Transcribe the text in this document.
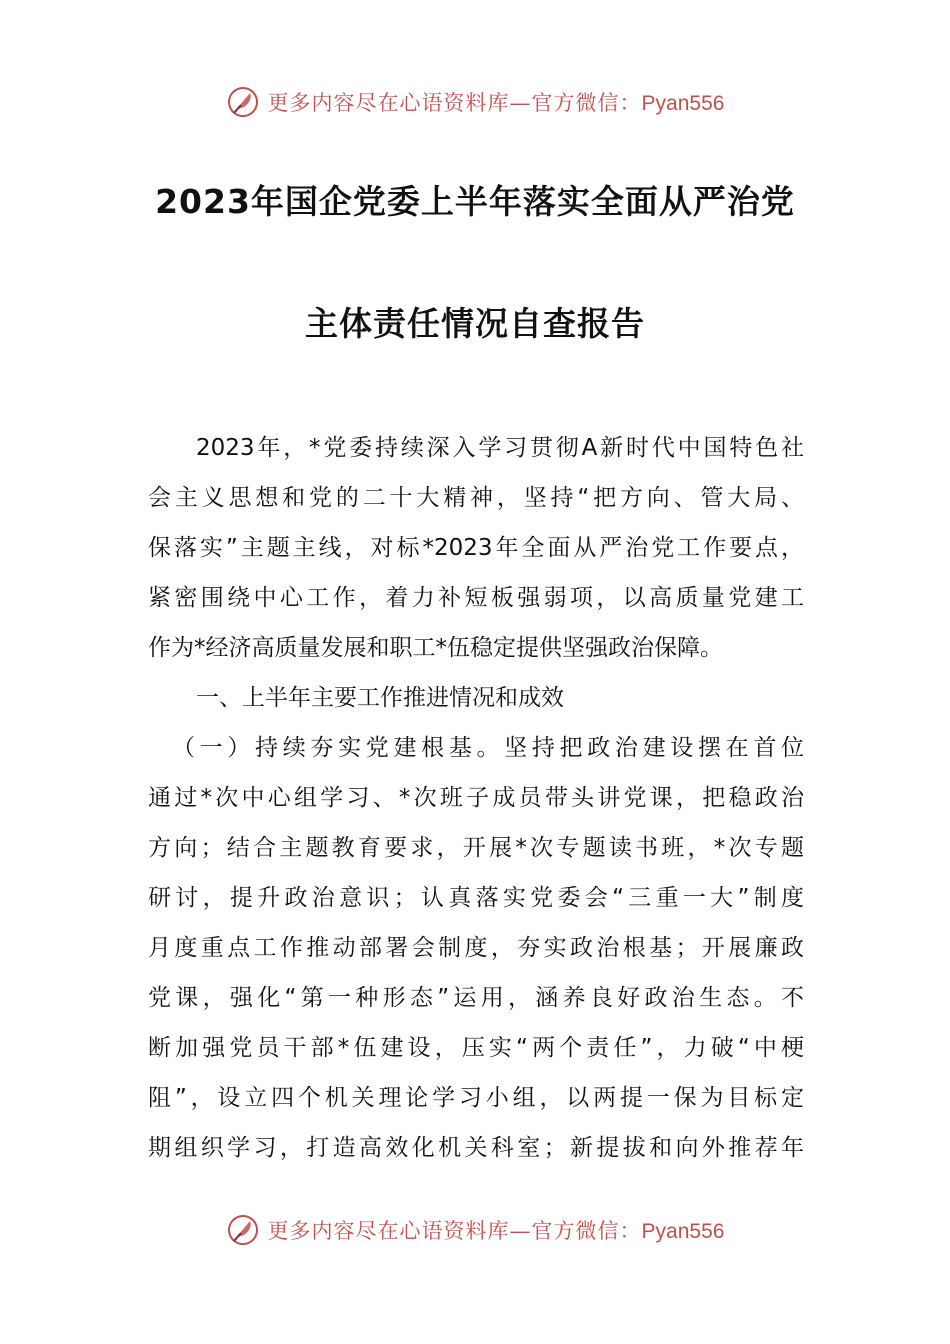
更多内容尽在心语资料库—官方微信：Pyan556
2023年国企党委上半年落实全面从严治党
主体责任情况自查报告
2023年，*党委持续深入学习贯彻A新时代中国特色社
会主义思想和党的二十大精神，坚持“把方向、管大局、
保落实”主题主线，对标*2023年全面从严治党工作要点，
紧密围绕中心工作，着力补短板强弱项，以高质量党建工
作为*经济高质量发展和职工*伍稳定提供坚强政治保障。
一、上半年主要工作推进情况和成效
（一）持续夯实党建根基。坚持把政治建设摆在首位
通过*次中心组学习、*次班子成员带头讲党课，把稳政治
方向；结合主题教育要求，开展*次专题读书班，*次专题
研讨，提升政治意识；认真落实党委会“三重一大”制度
月度重点工作推动部署会制度，夯实政治根基；开展廉政
党课，强化“第一种形态”运用，涵养良好政治生态。不
断加强党员干部*伍建设，压实“两个责任”，力破“中梗
阻”，设立四个机关理论学习小组，以两提一保为目标定
期组织学习，打造高效化机关科室；新提拔和向外推荐年
更多内容尽在心语资料库—官方微信：Pyan556
